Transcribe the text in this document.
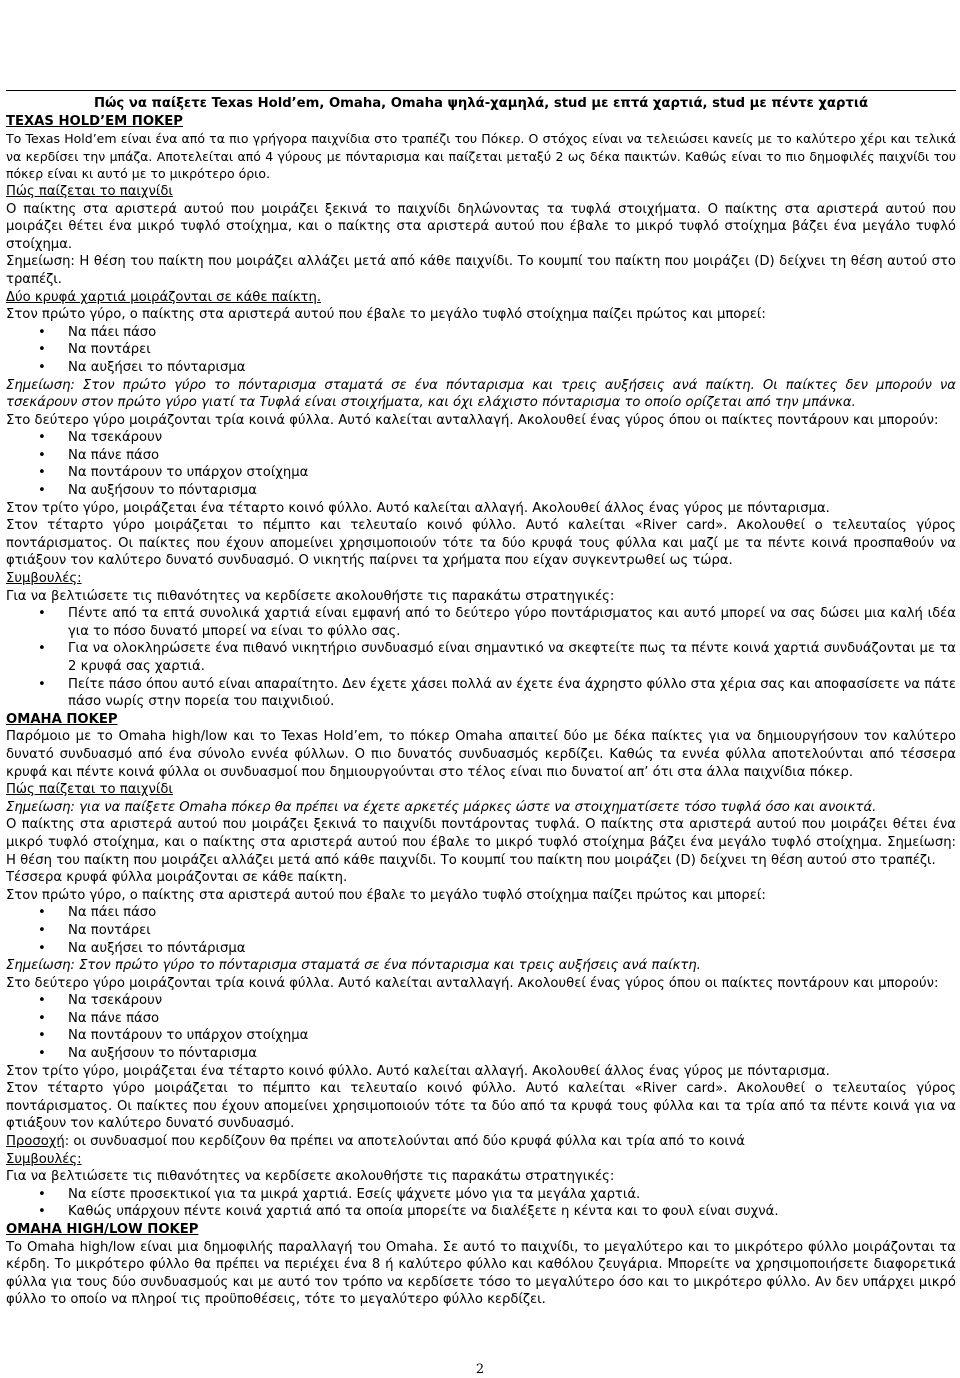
Πώς να παίξετε Texas Hold’em, Omaha, Omaha ψηλά-χαμηλά, stud με επτά χαρτιά, stud με πέντε χαρτιά

TEXAS HOLD’EM ΠΟΚΕΡ

Το Texas Hold’em είναι ένα από τα πιο γρήγορα παιχνίδια στο τραπέζι του Πόκερ. Ο στόχος είναι να τελειώσει κανείς με το καλύτερο χέρι και τελικά να κερδίσει την μπάζα. Αποτελείται από 4 γύρους με πόνταρισμα και παίζεται μεταξύ 2 ως δέκα παικτών. Καθώς είναι το πιο δημοφιλές παιχνίδι του πόκερ είναι κι αυτό με το μικρότερο όριο.

Πώς παίζεται το παιχνίδι

Ο παίκτης στα αριστερά αυτού που μοιράζει ξεκινά το παιχνίδι δηλώνοντας τα τυφλά στοιχήματα. Ο παίκτης στα αριστερά αυτού που μοιράζει θέτει ένα μικρό τυφλό στοίχημα, και ο παίκτης στα αριστερά αυτού που έβαλε το μικρό τυφλό στοίχημα βάζει ένα μεγάλο τυφλό στοίχημα.

Σημείωση: Η θέση του παίκτη που μοιράζει αλλάζει μετά από κάθε παιχνίδι. Το κουμπί του παίκτη που μοιράζει (D) δείχνει τη θέση αυτού στο τραπέζι.

Δύο κρυφά χαρτιά μοιράζονται σε κάθε παίκτη.

Στον πρώτο γύρο, ο παίκτης στα αριστερά αυτού που έβαλε το μεγάλο τυφλό στοίχημα παίζει πρώτος και μπορεί:

• Να πάει πάσο
• Να ποντάρει
• Να αυξήσει το πόνταρισμα

Σημείωση: Στον πρώτο γύρο το πόνταρισμα σταματά σε ένα πόνταρισμα και τρεις αυξήσεις ανά παίκτη. Οι παίκτες δεν μπορούν να τσεκάρουν στον πρώτο γύρο γιατί τα Τυφλά είναι στοιχήματα, και όχι ελάχιστο πόνταρισμα το οποίο ορίζεται από την μπάνκα.

Στο δεύτερο γύρο μοιράζονται τρία κοινά φύλλα. Αυτό καλείται ανταλλαγή. Ακολουθεί ένας γύρος όπου οι παίκτες ποντάρουν και μπορούν:

• Να τσεκάρουν
• Να πάνε πάσο
• Να ποντάρουν το υπάρχον στοίχημα
• Να αυξήσουν το πόνταρισμα

Στον τρίτο γύρο, μοιράζεται ένα τέταρτο κοινό φύλλο. Αυτό καλείται αλλαγή. Ακολουθεί άλλος ένας γύρος με πόνταρισμα.

Στον τέταρτο γύρο μοιράζεται το πέμπτο και τελευταίο κοινό φύλλο. Αυτό καλείται «River card». Ακολουθεί ο τελευταίος γύρος ποντάρισματος. Οι παίκτες που έχουν απομείνει χρησιμοποιούν τότε τα δύο κρυφά τους φύλλα και μαζί με τα πέντε κοινά προσπαθούν να φτιάξουν τον καλύτερο δυνατό συνδυασμό. Ο νικητής παίρνει τα χρήματα που είχαν συγκεντρωθεί ως τώρα.

Συμβουλές:

Για να βελτιώσετε τις πιθανότητες να κερδίσετε ακολουθήστε τις παρακάτω στρατηγικές:

• Πέντε από τα επτά συνολικά χαρτιά είναι εμφανή από το δεύτερο γύρο ποντάρισματος και αυτό μπορεί να σας δώσει μια καλή ιδέα για το πόσο δυνατό μπορεί να είναι το φύλλο σας.
• Για να ολοκληρώσετε ένα πιθανό νικητήριο συνδυασμό είναι σημαντικό να σκεφτείτε πως τα πέντε κοινά χαρτιά συνδυάζονται με τα 2 κρυφά σας χαρτιά.
• Πείτε πάσο όπου αυτό είναι απαραίτητο. Δεν έχετε χάσει πολλά αν έχετε ένα άχρηστο φύλλο στα χέρια σας και αποφασίσετε να πάτε πάσο νωρίς στην πορεία του παιχνιδιού.

OMAHA ΠΟΚΕΡ

Παρόμοιο με το Omaha high/low και το Texas Hold’em, το πόκερ Omaha απαιτεί δύο με δέκα παίκτες για να δημιουργήσουν τον καλύτερο δυνατό συνδυασμό από ένα σύνολο εννέα φύλλων. Ο πιο δυνατός συνδυασμός κερδίζει. Καθώς τα εννέα φύλλα αποτελούνται από τέσσερα κρυφά και πέντε κοινά φύλλα οι συνδυασμοί που δημιουργούνται στο τέλος είναι πιο δυνατοί απ’ ότι στα άλλα παιχνίδια πόκερ.

Πώς παίζεται το παιχνίδι

Σημείωση: για να παίξετε Omaha πόκερ θα πρέπει να έχετε αρκετές μάρκες ώστε να στοιχηματίσετε τόσο τυφλά όσο και ανοικτά.

Ο παίκτης στα αριστερά αυτού που μοιράζει ξεκινά το παιχνίδι ποντάροντας τυφλά. Ο παίκτης στα αριστερά αυτού που μοιράζει θέτει ένα μικρό τυφλό στοίχημα, και ο παίκτης στα αριστερά αυτού που έβαλε το μικρό τυφλό στοίχημα βάζει ένα μεγάλο τυφλό στοίχημα. Σημείωση: Η θέση του παίκτη που μοιράζει αλλάζει μετά από κάθε παιχνίδι. Το κουμπί του παίκτη που μοιράζει (D) δείχνει τη θέση αυτού στο τραπέζι.

Τέσσερα κρυφά φύλλα μοιράζονται σε κάθε παίκτη.

Στον πρώτο γύρο, ο παίκτης στα αριστερά αυτού που έβαλε το μεγάλο τυφλό στοίχημα παίζει πρώτος και μπορεί:

• Να πάει πάσο
• Να ποντάρει
• Να αυξήσει το πόντάρισμα

Σημείωση: Στον πρώτο γύρο το πόνταρισμα σταματά σε ένα πόνταρισμα και τρεις αυξήσεις ανά παίκτη.

Στο δεύτερο γύρο μοιράζονται τρία κοινά φύλλα. Αυτό καλείται ανταλλαγή. Ακολουθεί ένας γύρος όπου οι παίκτες ποντάρουν και μπορούν:

• Να τσεκάρουν
• Να πάνε πάσο
• Να ποντάρουν το υπάρχον στοίχημα
• Να αυξήσουν το πόνταρισμα

Στον τρίτο γύρο, μοιράζεται ένα τέταρτο κοινό φύλλο. Αυτό καλείται αλλαγή. Ακολουθεί άλλος ένας γύρος με πόνταρισμα.

Στον τέταρτο γύρο μοιράζεται το πέμπτο και τελευταίο κοινό φύλλο. Αυτό καλείται «River card». Ακολουθεί ο τελευταίος γύρος ποντάρισματος. Οι παίκτες που έχουν απομείνει χρησιμοποιούν τότε τα δύο από τα κρυφά τους φύλλα και τα τρία από τα πέντε κοινά για να φτιάξουν τον καλύτερο δυνατό συνδυασμό.

Προσοχή: οι συνδυασμοί που κερδίζουν θα πρέπει να αποτελούνται από δύο κρυφά φύλλα και τρία από το κοινά

Συμβουλές:

Για να βελτιώσετε τις πιθανότητες να κερδίσετε ακολουθήστε τις παρακάτω στρατηγικές:

• Να είστε προσεκτικοί για τα μικρά χαρτιά. Εσείς ψάχνετε μόνο για τα μεγάλα χαρτιά.
• Καθώς υπάρχουν πέντε κοινά χαρτιά από τα οποία μπορείτε να διαλέξετε η κέντα και το φουλ είναι συχνά.

OMAHA HIGH/LOW ΠΟΚΕΡ

Το Omaha high/low είναι μια δημοφιλής παραλλαγή του Omaha. Σε αυτό το παιχνίδι, το μεγαλύτερο και το μικρότερο φύλλο μοιράζονται τα κέρδη. Το μικρότερο φύλλο θα πρέπει να περιέχει ένα 8 ή καλύτερο φύλλο και καθόλου ζευγάρια. Μπορείτε να χρησιμοποιήσετε διαφορετικά φύλλα για τους δύο συνδυασμούς και με αυτό τον τρόπο να κερδίσετε τόσο το μεγαλύτερο όσο και το μικρότερο φύλλο. Αν δεν υπάρχει μικρό φύλλο το οποίο να πληροί τις προϋποθέσεις, τότε το μεγαλύτερο φύλλο κερδίζει.

2
